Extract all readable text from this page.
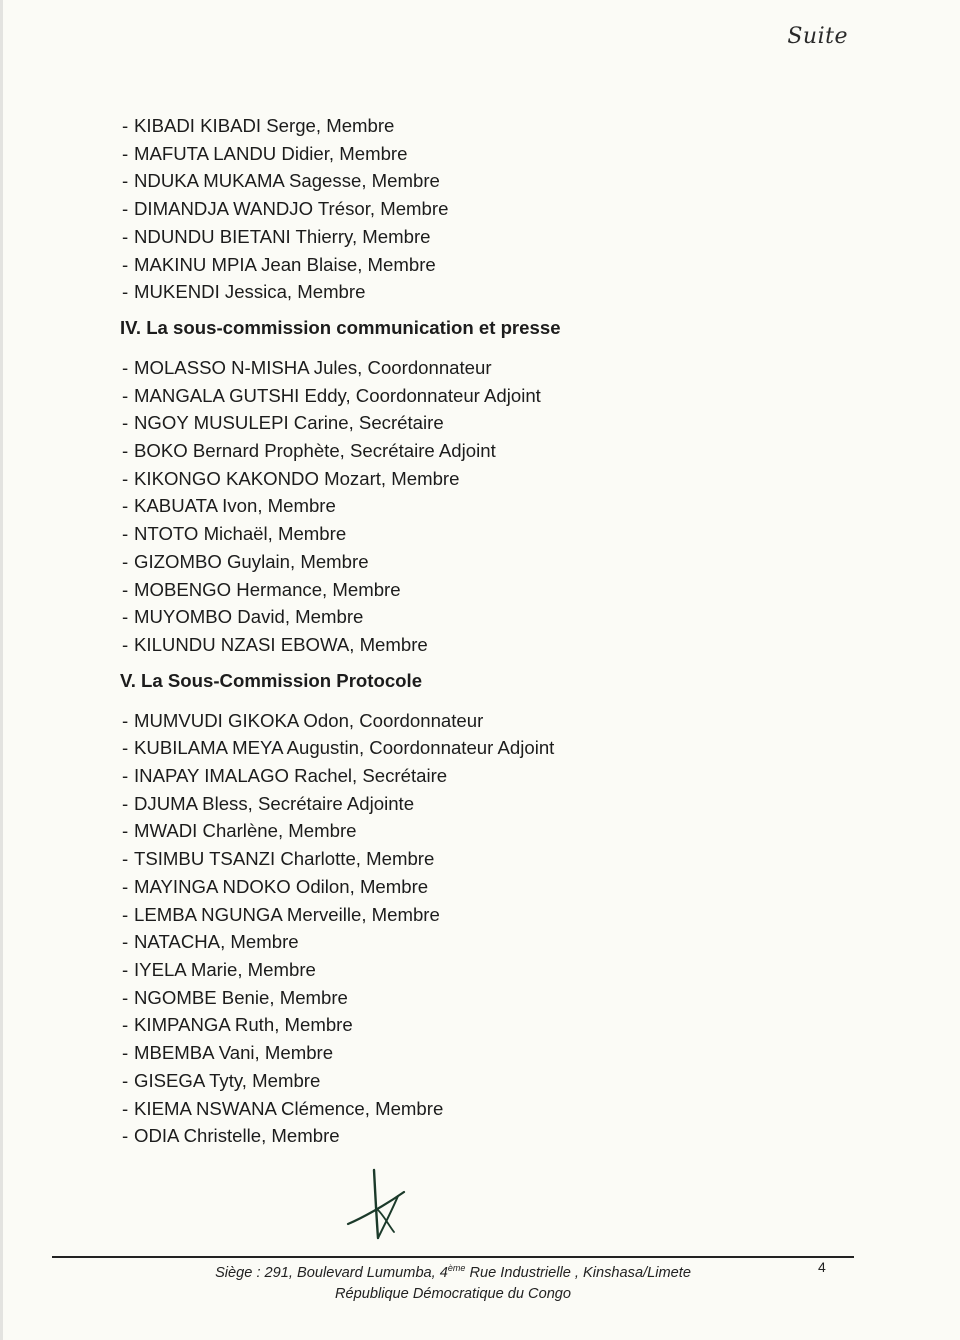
Suite
- KIBADI KIBADI Serge, Membre
- MAFUTA LANDU Didier, Membre
- NDUKA MUKAMA Sagesse, Membre
- DIMANDJA WANDJO Trésor, Membre
- NDUNDU BIETANI Thierry, Membre
- MAKINU MPIA Jean Blaise, Membre
- MUKENDI Jessica, Membre
IV. La sous-commission communication et presse
- MOLASSO N-MISHA Jules, Coordonnateur
- MANGALA GUTSHI Eddy, Coordonnateur Adjoint
- NGOY MUSULEPI Carine, Secrétaire
- BOKO Bernard Prophète, Secrétaire Adjoint
- KIKONGO KAKONDO Mozart, Membre
- KABUATA Ivon, Membre
- NTOTO Michaël, Membre
- GIZOMBO Guylain, Membre
- MOBENGO Hermance, Membre
- MUYOMBO David, Membre
- KILUNDU NZASI EBOWA, Membre
V. La Sous-Commission Protocole
- MUMVUDI GIKOKA Odon, Coordonnateur
- KUBILAMA MEYA Augustin, Coordonnateur Adjoint
- INAPAY IMALAGO Rachel, Secrétaire
- DJUMA Bless, Secrétaire Adjointe
- MWADI Charlène, Membre
- TSIMBU TSANZI Charlotte, Membre
- MAYINGA NDOKO Odilon, Membre
- LEMBA NGUNGA Merveille, Membre
- NATACHA, Membre
- IYELA Marie, Membre
- NGOMBE Benie, Membre
- KIMPANGA Ruth, Membre
- MBEMBA Vani, Membre
- GISEGA Tyty, Membre
- KIEMA NSWANA Clémence, Membre
- ODIA Christelle, Membre
Siège : 291, Boulevard Lumumba, 4ème Rue Industrielle , Kinshasa/Limete
République Démocratique du Congo
4
